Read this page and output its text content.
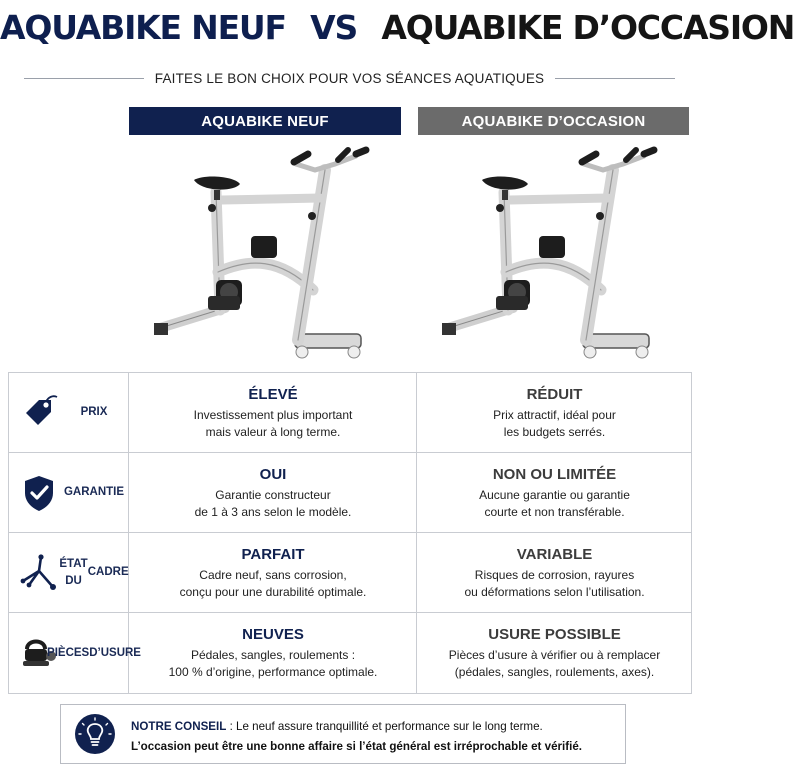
AQUABIKE NEUF VS AQUABIKE D’OCCASION
FAITES LE BON CHOIX POUR VOS SÉANCES AQUATIQUES
AQUABIKE NEUF	AQUABIKE D’OCCASION
PRIX
ÉLEVÉ
Investissement plus important
mais valeur à long terme.
RÉDUIT
Prix attractif, idéal pour
les budgets serrés.
GARANTIE
OUI
Garantie constructeur
de 1 à 3 ans selon le modèle.
NON OU LIMITÉE
Aucune garantie ou garantie
courte et non transférable.
ÉTAT DU
CADRE
PARFAIT
Cadre neuf, sans corrosion,
conçu pour une durabilité optimale.
VARIABLE
Risques de corrosion, rayures
ou déformations selon l’utilisation.
PIÈCES D’USURE
NEUVES
Pédales, sangles, roulements :
100 % d’origine, performance optimale.
USURE POSSIBLE
Pièces d’usure à vérifier ou à remplacer
(pédales, sangles, roulements, axes).
NOTRE CONSEIL : Le neuf assure tranquillité et performance sur le long terme.
L’occasion peut être une bonne affaire si l’état général est irréprochable et vérifié.
